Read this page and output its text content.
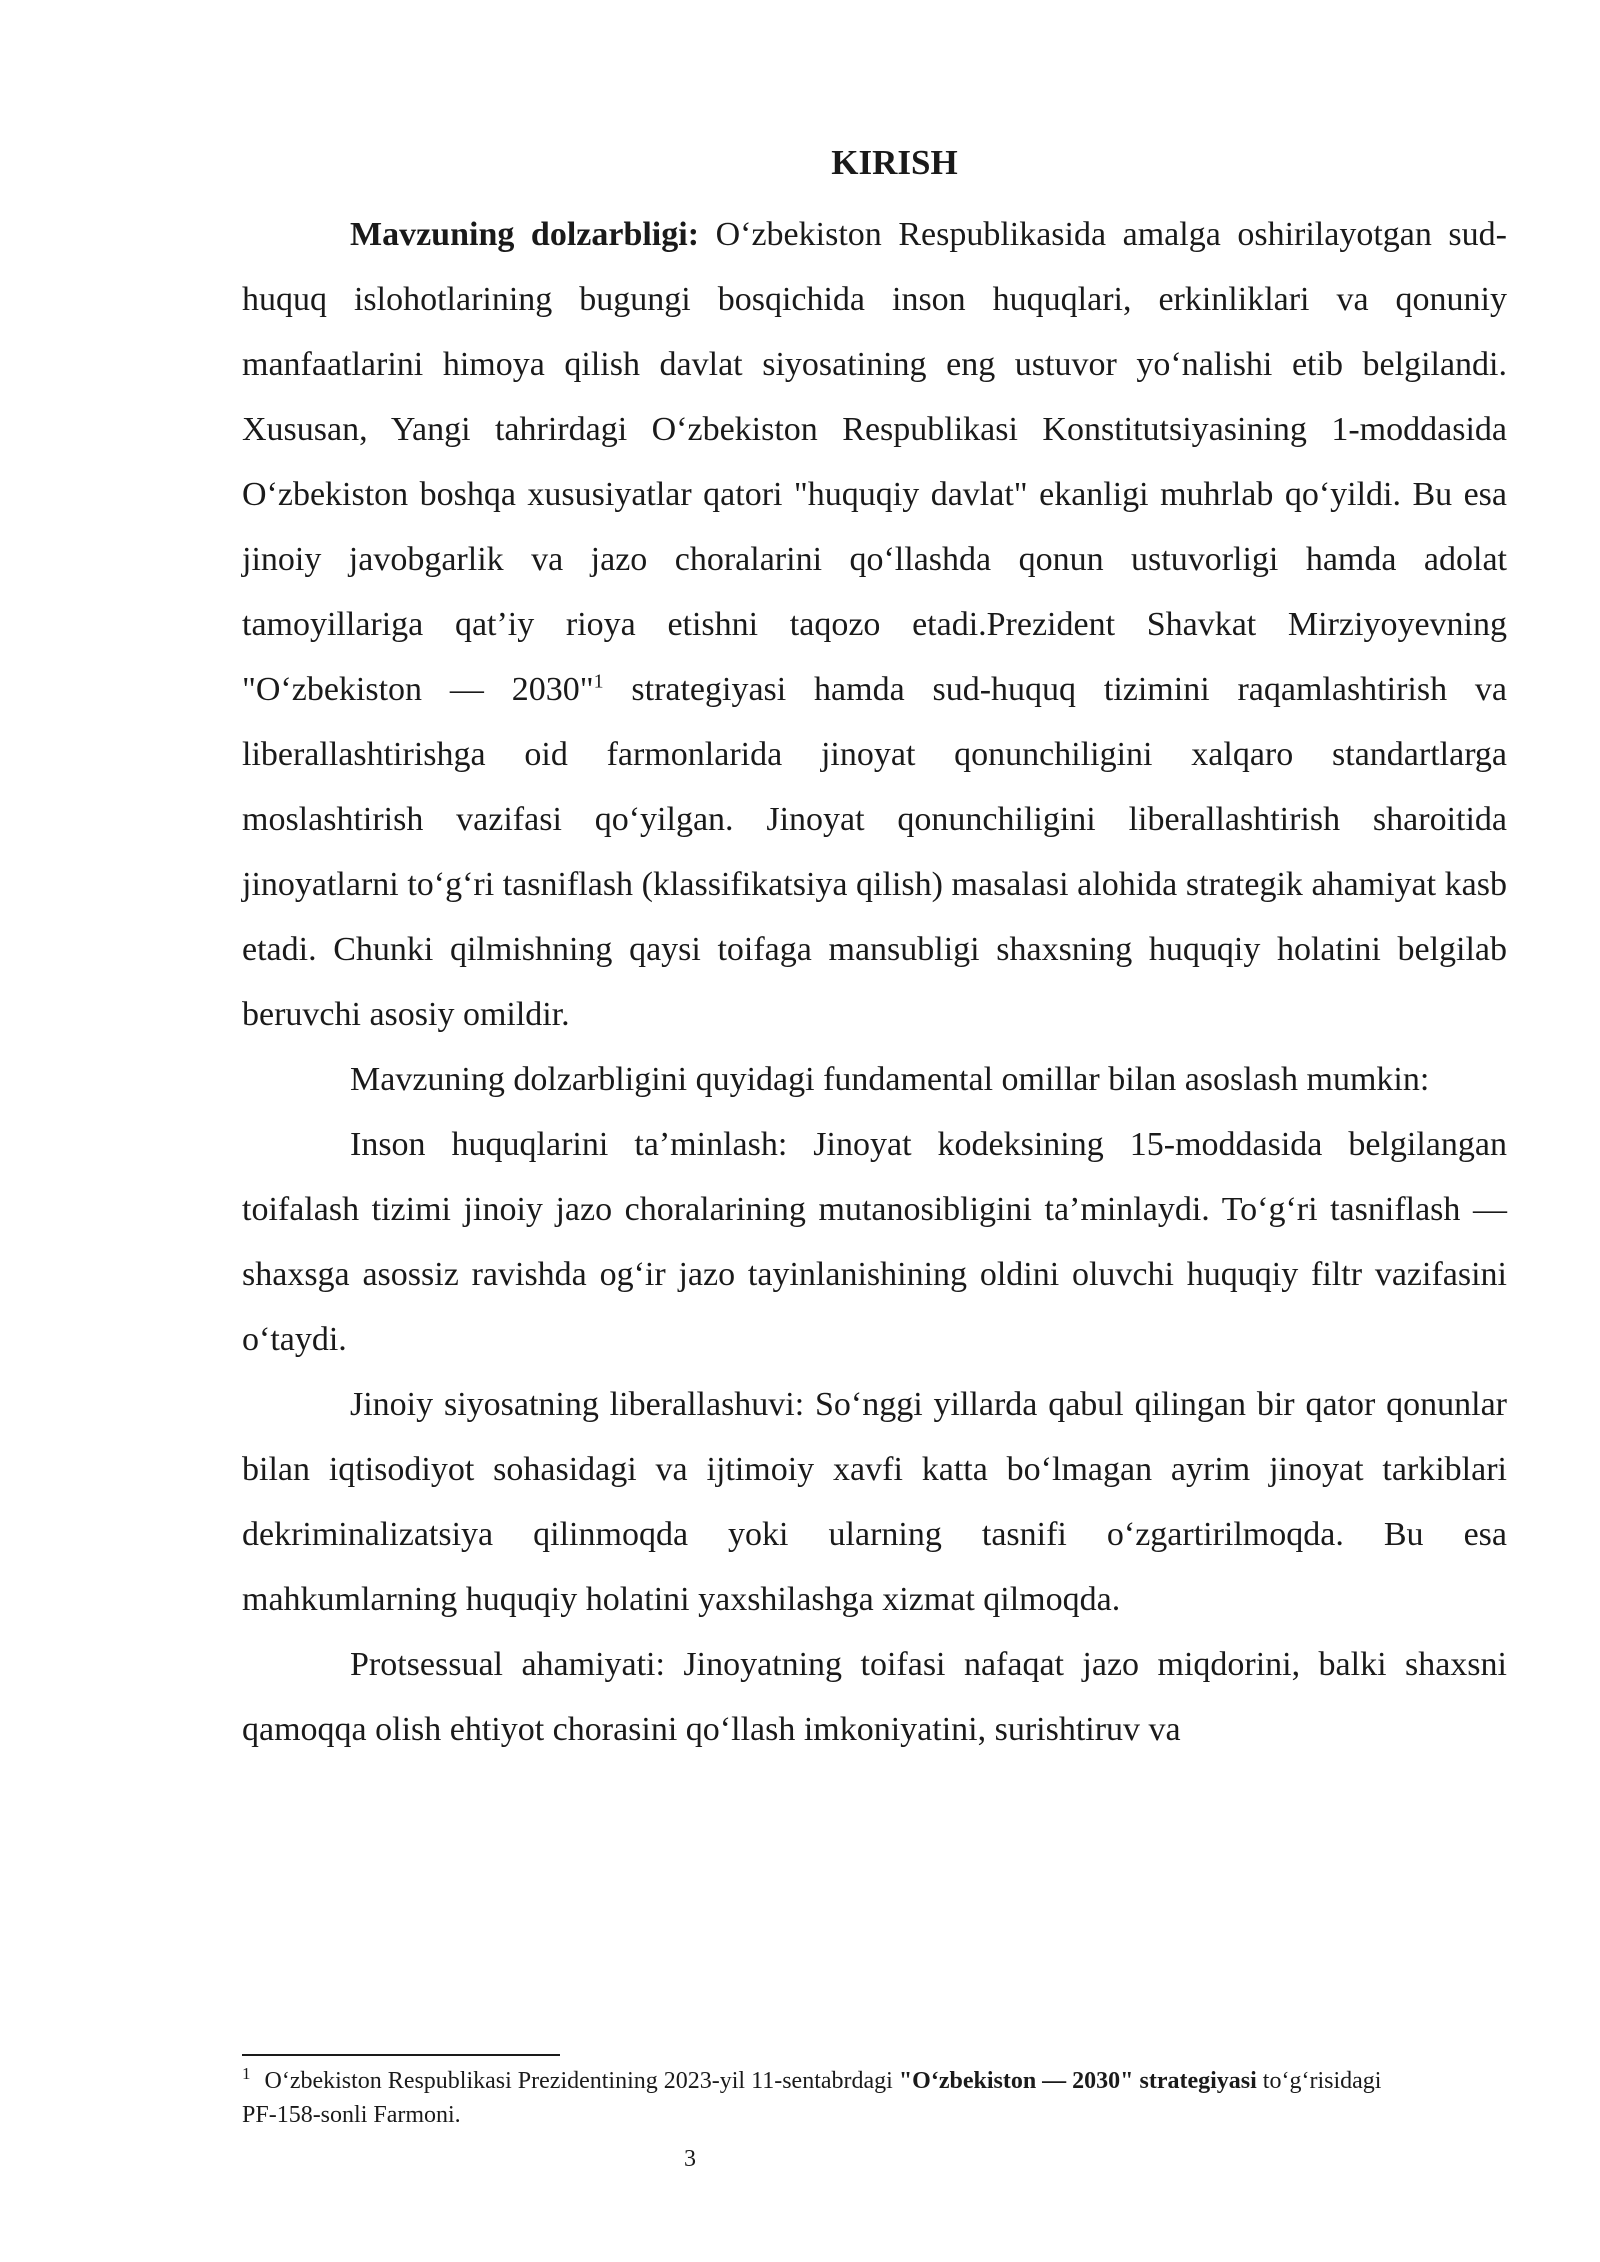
KIRISH

Mavzuning dolzarbligi: O‘zbekiston Respublikasida amalga oshirilayotgan sud-huquq islohotlarining bugungi bosqichida inson huquqlari, erkinliklari va qonuniy manfaatlarini himoya qilish davlat siyosatining eng ustuvor yo‘nalishi etib belgilandi. Xususan, Yangi tahrirdagi O‘zbekiston Respublikasi Konstitutsiyasining 1-moddasida O‘zbekiston boshqa xususiyatlar qatori "huquqiy davlat" ekanligi muhrlab qo‘yildi. Bu esa jinoiy javobgarlik va jazo choralarini qo‘llashda qonun ustuvorligi hamda adolat tamoyillariga qat’iy rioya etishni taqozo etadi.Prezident Shavkat Mirziyoyevning "O‘zbekiston — 2030"$^1$ strategiyasi hamda sud-huquq tizimini raqamlashtirish va liberallashtirishga oid farmonlarida jinoyat qonunchiligini xalqaro standartlarga moslashtirish vazifasi qo‘yilgan. Jinoyat qonunchiligini liberallashtirish sharoitida jinoyatlarni to‘g‘ri tasniflash (klassifikatsiya qilish) masalasi alohida strategik ahamiyat kasb etadi. Chunki qilmishning qaysi toifaga mansubligi shaxsning huquqiy holatini belgilab beruvchi asosiy omildir.

Mavzuning dolzarbligini quyidagi fundamental omillar bilan asoslash mumkin:

Inson huquqlarini ta’minlash: Jinoyat kodeksining 15-moddasida belgilangan toifalash tizimi jinoiy jazo choralarining mutanosibligini ta’minlaydi. To‘g‘ri tasniflash — shaxsga asossiz ravishda og‘ir jazo tayinlanishining oldini oluvchi huquqiy filtr vazifasini o‘taydi.

Jinoiy siyosatning liberallashuvi: So‘nggi yillarda qabul qilingan bir qator qonunlar bilan iqtisodiyot sohasidagi va ijtimoiy xavfi katta bo‘lmagan ayrim jinoyat tarkiblari dekriminalizatsiya qilinmoqda yoki ularning tasnifi o‘zgartirilmoqda. Bu esa mahkumlarning huquqiy holatini yaxshilashga xizmat qilmoqda.

Protsessual ahamiyati: Jinoyatning toifasi nafaqat jazo miqdorini, balki shaxsni qamoqqa olish ehtiyot chorasini qo‘llash imkoniyatini, surishtiruv va

$^1$ O‘zbekiston Respublikasi Prezidentining 2023-yil 11-sentabrdagi "O‘zbekiston — 2030" strategiyasi to‘g‘risidagi PF-158-sonli Farmoni.
3
